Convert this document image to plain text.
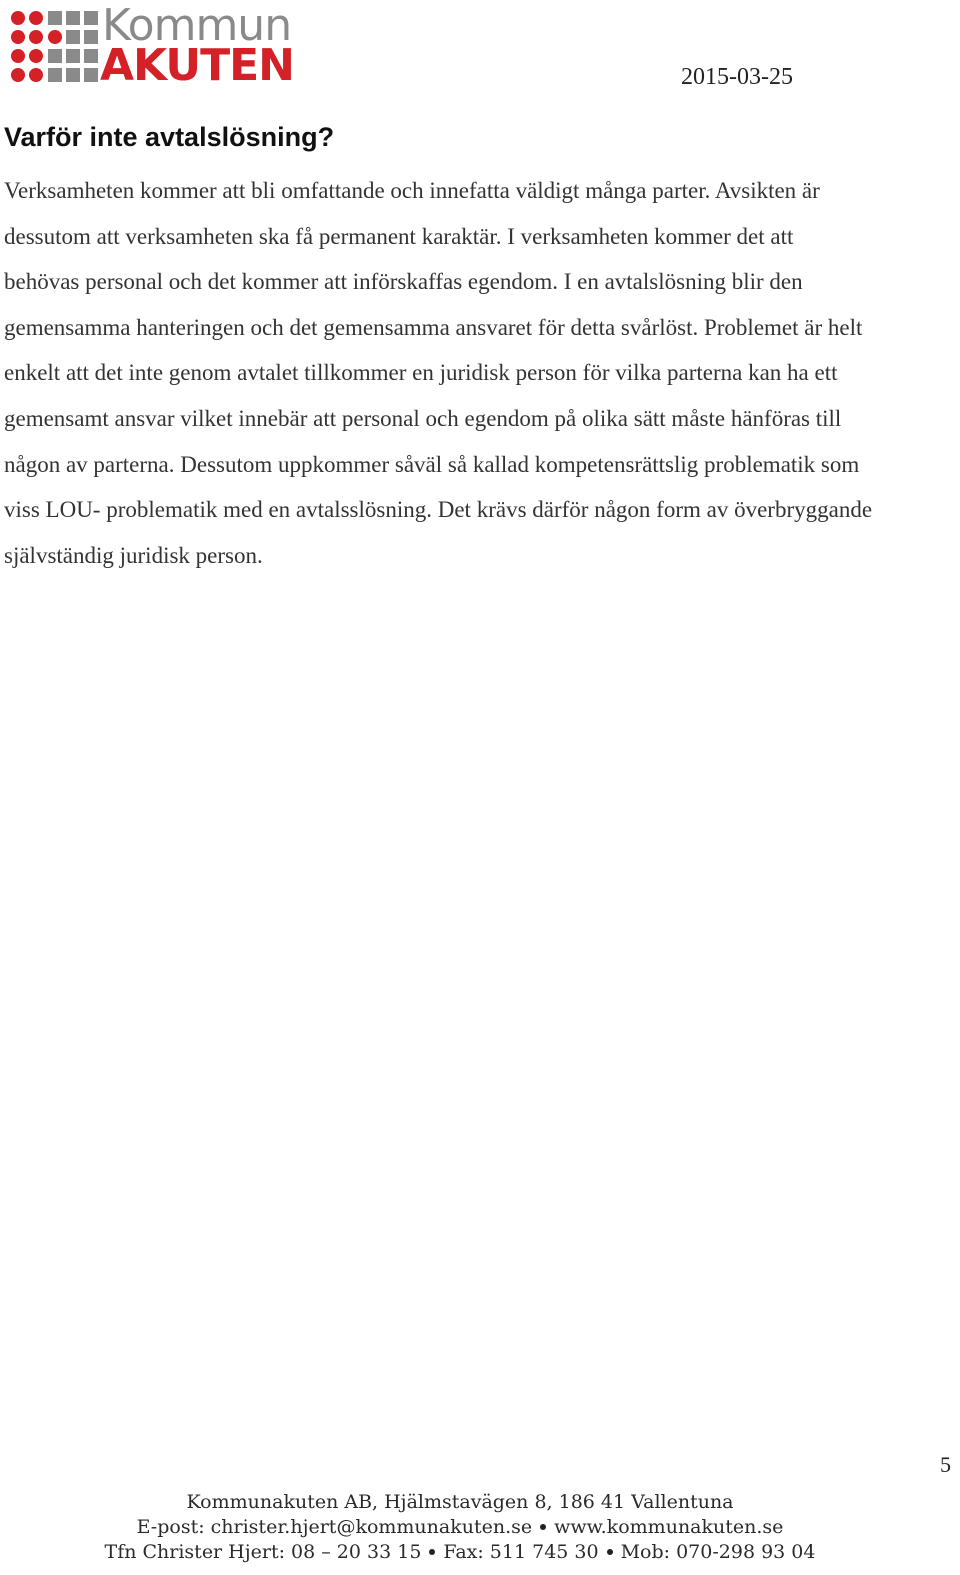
Kommun
AKUTEN	2015-03-25
Varför inte avtalslösning?

Verksamheten kommer att bli omfattande och innefatta väldigt många parter. Avsikten är
dessutom att verksamheten ska få permanent karaktär. I verksamheten kommer det att
behövas personal och det kommer att införskaffas egendom. I en avtalslösning blir den
gemensamma hanteringen och det gemensamma ansvaret för detta svårlöst. Problemet är helt
enkelt att det inte genom avtalet tillkommer en juridisk person för vilka parterna kan ha ett
gemensamt ansvar vilket innebär att personal och egendom på olika sätt måste hänföras till
någon av parterna. Dessutom uppkommer såväl så kallad kompetensrättslig problematik som
viss LOU- problematik med en avtalsslösning. Det krävs därför någon form av överbryggande
självständig juridisk person.

5
Kommunakuten AB, Hjälmstavägen 8, 186 41 Vallentuna
E-post: christer.hjert@kommunakuten.se www.kommunakuten.se
Tfn Christer Hjert: 08 – 20 33 15 Fax: 511 745 30 Mob: 070-298 93 04
